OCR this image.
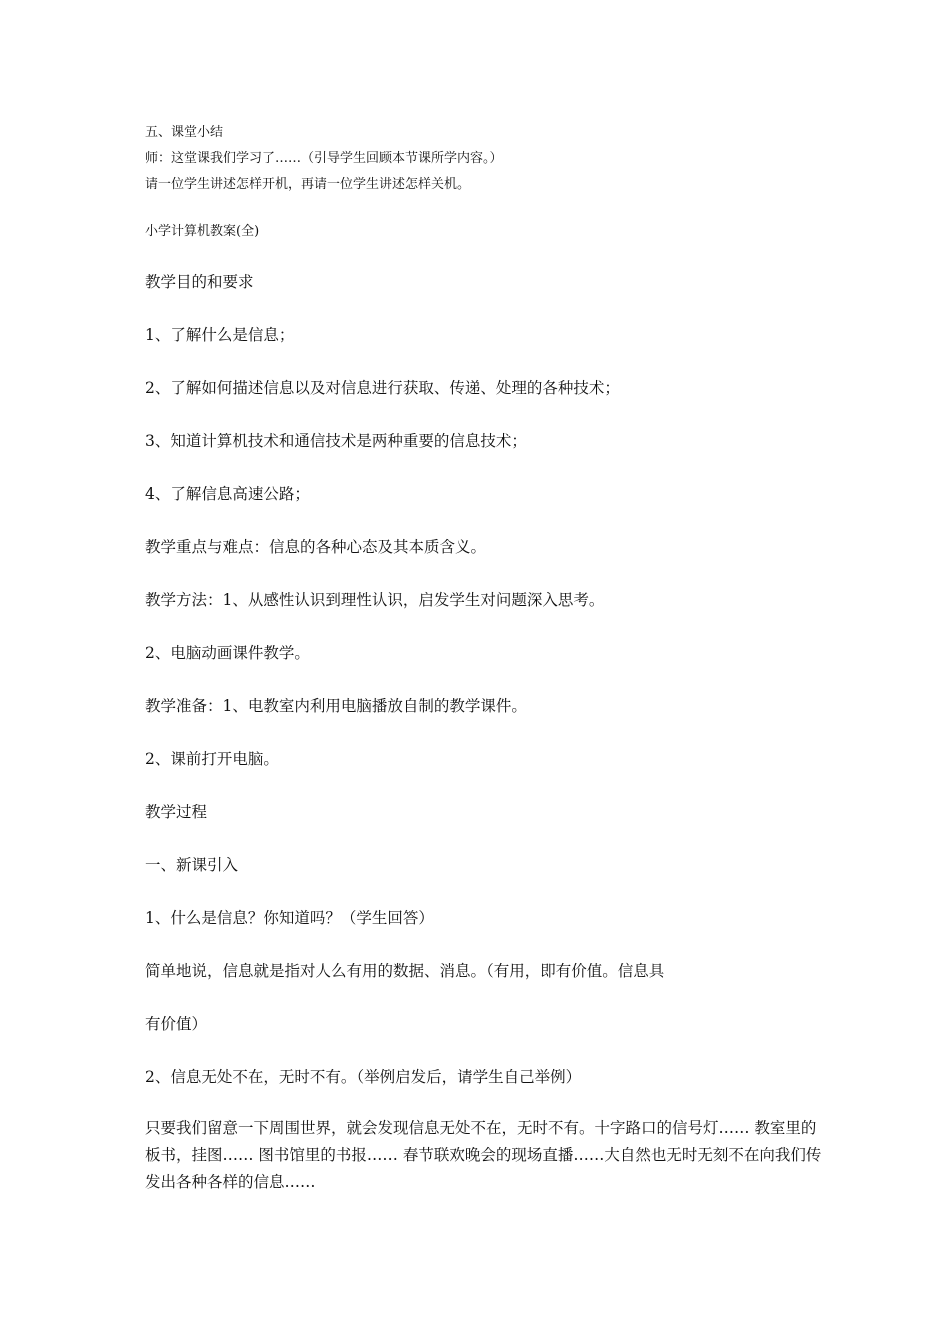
五、课堂小结

师：这堂课我们学习了……（引导学生回顾本节课所学内容。）

请一位学生讲述怎样开机，再请一位学生讲述怎样关机。

小学计算机教案(全)

教学目的和要求

1、了解什么是信息；

2、了解如何描述信息以及对信息进行获取、传递、处理的各种技术；

3、知道计算机技术和通信技术是两种重要的信息技术；

4、了解信息高速公路；

教学重点与难点：信息的各种心态及其本质含义。

教学方法：1、从感性认识到理性认识，启发学生对问题深入思考。

2、电脑动画课件教学。

教学准备：1、电教室内利用电脑播放自制的教学课件。

2、课前打开电脑。

教学过程

一、新课引入

1、什么是信息？你知道吗？（学生回答）

简单地说，信息就是指对人么有用的数据、消息。（有用，即有价值。信息具

有价值）

2、信息无处不在，无时不有。（举例启发后，请学生自己举例）

只要我们留意一下周围世界，就会发现信息无处不在，无时不有。十字路口的信号灯…… 教室里的板书，挂图…… 图书馆里的书报…… 春节联欢晚会的现场直播……大自然也无时无刻不在向我们传发出各种各样的信息……
